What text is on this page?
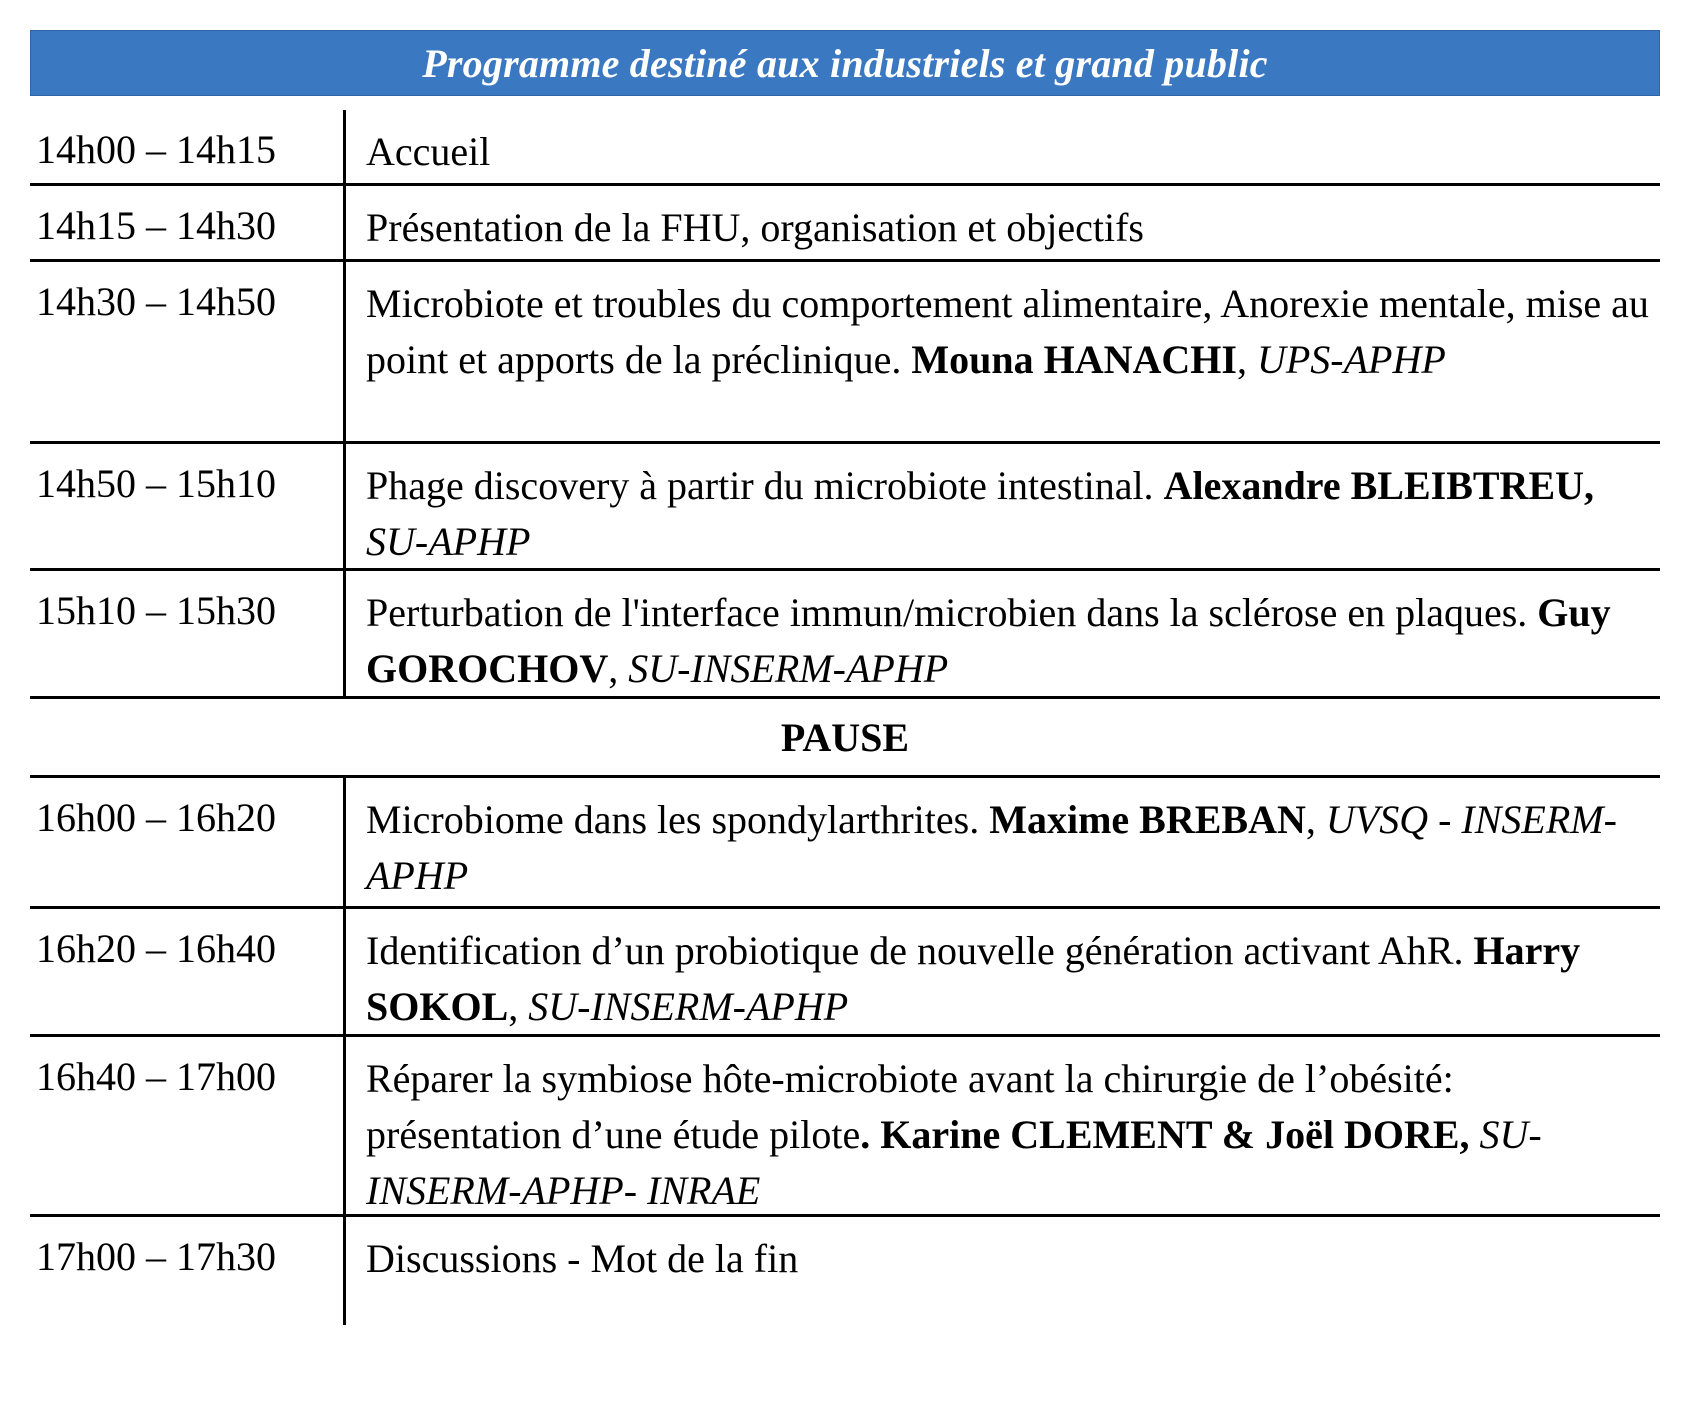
Programme destiné aux industriels et grand public
14h00 – 14h15	Accueil
14h15 – 14h30	Présentation de la FHU, organisation et objectifs
14h30 – 14h50	Microbiote et troubles du comportement alimentaire, Anorexie mentale, mise au point et apports de la préclinique. Mouna HANACHI, UPS-APHP
14h50 – 15h10	Phage discovery à partir du microbiote intestinal. Alexandre BLEIBTREU, SU-APHP
15h10 – 15h30	Perturbation de l'interface immun/microbien dans la sclérose en plaques. Guy GOROCHOV, SU-INSERM-APHP
PAUSE
16h00 – 16h20	Microbiome dans les spondylarthrites. Maxime BREBAN, UVSQ - INSERM-APHP
16h20 – 16h40	Identification d’un probiotique de nouvelle génération activant AhR. Harry SOKOL, SU-INSERM-APHP
16h40 – 17h00	Réparer la symbiose hôte-microbiote avant la chirurgie de l’obésité: présentation d’une étude pilote. Karine CLEMENT & Joël DORE, SU-INSERM-APHP- INRAE
17h00 – 17h30	Discussions - Mot de la fin
